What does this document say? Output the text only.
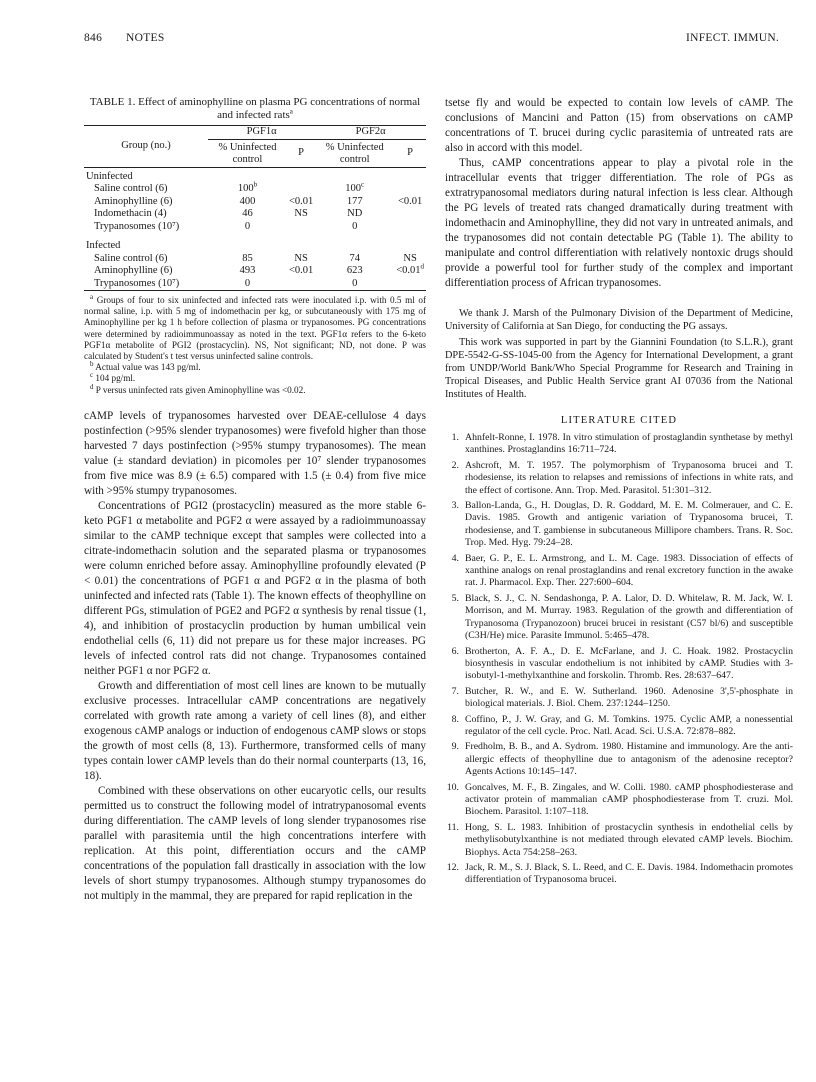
846 NOTES	INFECT. IMMUN.
TABLE 1. Effect of aminophylline on plasma PG concentrations of normal and infected rats$^a$
Group (no.)	PGF1α		PGF2α	
	% Uninfected control	P	% Uninfected control	P
Uninfected				
Saline control (6)	100$^b$		100$^c$	
Aminophylline (6)	400	<0.01	177	<0.01
Indomethacin (4)	46	NS	ND	
Trypanosomes (10⁷)	0		0	
Infected				
Saline control (6)	85	NS	74	NS
Aminophylline (6)	493	<0.01	623	<0.01$^d$
Trypanosomes (10⁷)	0		0	

$^a$ Groups of four to six uninfected and infected rats were inoculated i.p. with 0.5 ml of normal saline, i.p. with 5 mg of indomethacin per kg, or subcutaneously with 175 mg of Aminophylline per kg 1 h before collection of plasma or trypanosomes. PG concentrations were determined by radioimmunoassay as noted in the text. PGF1α refers to the 6-keto PGF1α metabolite of PGI2 (prostacyclin). NS, Not significant; ND, not done. P was calculated by Student's t test versus uninfected saline controls.

$^b$ Actual value was 143 pg/ml.

$^c$ 104 pg/ml.

$^d$ P versus uninfected rats given Aminophylline was <0.02.

cAMP levels of trypanosomes harvested over DEAE-cellulose 4 days postinfection (>95% slender trypanosomes) were fivefold higher than those harvested 7 days postinfection (>95% stumpy trypanosomes). The mean value (± standard deviation) in picomoles per 10⁷ slender trypanosomes from five mice was 8.9 (± 6.5) compared with 1.5 (± 0.4) from five mice with >95% stumpy trypanosomes.

Concentrations of PGI2 (prostacyclin) measured as the more stable 6-keto PGF1 α metabolite and PGF2 α were assayed by a radioimmunoassay similar to the cAMP technique except that samples were collected into a citrate-indomethacin solution and the separated plasma or trypanosomes were column enriched before assay. Aminophylline profoundly elevated (P < 0.01) the concentrations of PGF1 α and PGF2 α in the plasma of both uninfected and infected rats (Table 1). The known effects of theophylline on different PGs, stimulation of PGE2 and PGF2 α synthesis by renal tissue (1, 4), and inhibition of prostacyclin production by human umbilical vein endothelial cells (6, 11) did not prepare us for these major increases. PG levels of infected control rats did not change. Trypanosomes contained neither PGF1 α nor PGF2 α.

Growth and differentiation of most cell lines are known to be mutually exclusive processes. Intracellular cAMP concentrations are negatively correlated with growth rate among a variety of cell lines (8), and either exogenous cAMP analogs or induction of endogenous cAMP slows or stops the growth of most cells (8, 13). Furthermore, transformed cells of many types contain lower cAMP levels than do their normal counterparts (13, 16, 18).

Combined with these observations on other eucaryotic cells, our results permitted us to construct the following model of intratrypanosomal events during differentiation. The cAMP levels of long slender trypanosomes rise parallel with parasitemia until the high concentrations interfere with replication. At this point, differentiation occurs and the cAMP concentrations of the population fall drastically in association with the low levels of short stumpy trypanosomes. Although stumpy trypanosomes do not multiply in the mammal, they are prepared for rapid replication in the

tsetse fly and would be expected to contain low levels of cAMP. The conclusions of Mancini and Patton (15) from observations on cAMP concentrations of T. brucei during cyclic parasitemia of untreated rats are also in accord with this model.

Thus, cAMP concentrations appear to play a pivotal role in the intracellular events that trigger differentiation. The role of PGs as extratrypanosomal mediators during natural infection is less clear. Although the PG levels of treated rats changed dramatically during treatment with indomethacin and Aminophylline, they did not vary in untreated animals, and the trypanosomes did not contain detectable PG (Table 1). The ability to manipulate and control differentiation with relatively nontoxic drugs should provide a powerful tool for further study of the complex and important differentiation process of African trypanosomes.

We thank J. Marsh of the Pulmonary Division of the Department of Medicine, University of California at San Diego, for conducting the PG assays.

This work was supported in part by the Giannini Foundation (to S.L.R.), grant DPE-5542-G-SS-1045-00 from the Agency for International Development, a grant from UNDP/World Bank/Who Special Programme for Research and Training in Tropical Diseases, and Public Health Service grant AI 07036 from the National Institutes of Health.

LITERATURE CITED
1. Ahnfelt-Ronne, I. 1978. In vitro stimulation of prostaglandin synthetase by methyl xanthines. Prostaglandins 16:711–724.
2. Ashcroft, M. T. 1957. The polymorphism of Trypanosoma brucei and T. rhodesiense, its relation to relapses and remissions of infections in white rats, and the effect of cortisone. Ann. Trop. Med. Parasitol. 51:301–312.
3. Ballon-Landa, G., H. Douglas, D. R. Goddard, M. E. M. Colmerauer, and C. E. Davis. 1985. Growth and antigenic variation of Trypanosoma brucei, T. rhodesiense, and T. gambiense in subcutaneous Millipore chambers. Trans. R. Soc. Trop. Med. Hyg. 79:24–28.
4. Baer, G. P., E. L. Armstrong, and L. M. Cage. 1983. Dissociation of effects of xanthine analogs on renal prostaglandins and renal excretory function in the awake rat. J. Pharmacol. Exp. Ther. 227:600–604.
5. Black, S. J., C. N. Sendashonga, P. A. Lalor, D. D. Whitelaw, R. M. Jack, W. I. Morrison, and M. Murray. 1983. Regulation of the growth and differentiation of Trypanosoma (Trypanozoon) brucei brucei in resistant (C57 bl/6) and susceptible (C3H/He) mice. Parasite Immunol. 5:465–478.
6. Brotherton, A. F. A., D. E. McFarlane, and J. C. Hoak. 1982. Prostacyclin biosynthesis in vascular endothelium is not inhibited by cAMP. Studies with 3-isobutyl-1-methylxanthine and forskolin. Thromb. Res. 28:637–647.
7. Butcher, R. W., and E. W. Sutherland. 1960. Adenosine 3',5'-phosphate in biological materials. J. Biol. Chem. 237:1244–1250.
8. Coffino, P., J. W. Gray, and G. M. Tomkins. 1975. Cyclic AMP, a nonessential regulator of the cell cycle. Proc. Natl. Acad. Sci. U.S.A. 72:878–882.
9. Fredholm, B. B., and A. Sydrom. 1980. Histamine and immunology. Are the anti-allergic effects of theophylline due to antagonism of the adenosine receptor? Agents Actions 10:145–147.
10. Goncalves, M. F., B. Zingales, and W. Colli. 1980. cAMP phosphodiesterase and activator protein of mammalian cAMP phosphodiesterase from T. cruzi. Mol. Biochem. Parasitol. 1:107–118.
11. Hong, S. L. 1983. Inhibition of prostacyclin synthesis in endothelial cells by methylisobutylxanthine is not mediated through elevated cAMP levels. Biochim. Biophys. Acta 754:258–263.
12. Jack, R. M., S. J. Black, S. L. Reed, and C. E. Davis. 1984. Indomethacin promotes differentiation of Trypanosoma brucei.
